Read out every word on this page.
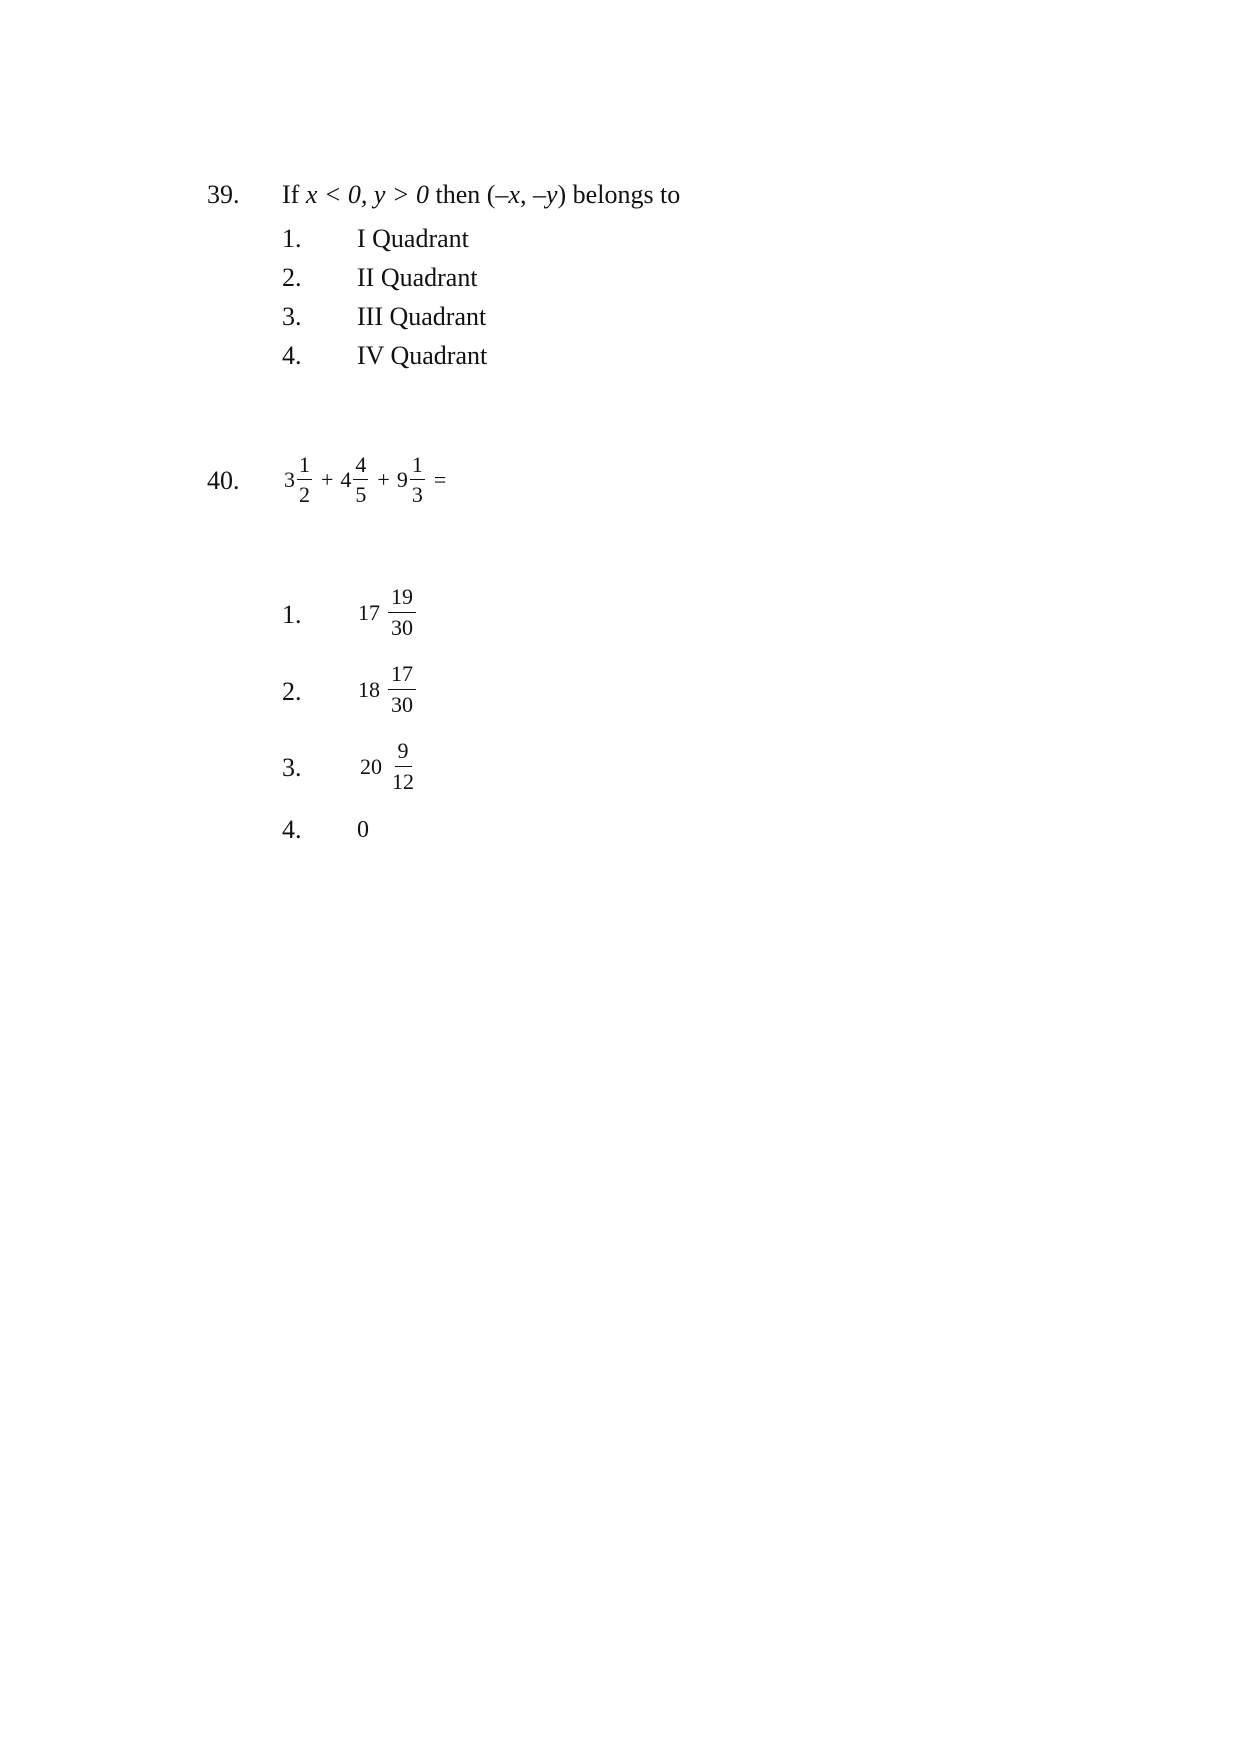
39. If x < 0, y > 0 then (–x, –y) belongs to
1. I Quadrant
2. II Quadrant
3. III Quadrant
4. IV Quadrant
40. $3 \frac{1}{2} + 4 \frac{4}{5} + 9 \frac{1}{3}$ =
1.	$17 \frac{19}{30}$
2.	$18 \frac{17}{30}$
3.	$20 \frac{9}{12}$
4. 0
